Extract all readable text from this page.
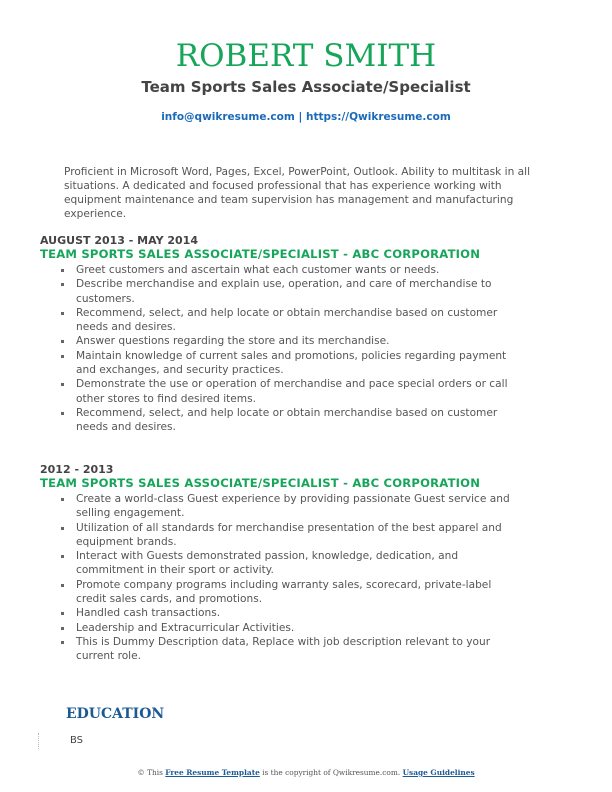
ROBERT SMITH
Team Sports Sales Associate/Specialist
info@qwikresume.com | https://Qwikresume.com
Proficient in Microsoft Word, Pages, Excel, PowerPoint, Outlook. Ability to multitask in all situations. A dedicated and focused professional that has experience working with equipment maintenance and team supervision has management and manufacturing experience.
AUGUST 2013 - MAY 2014
TEAM SPORTS SALES ASSOCIATE/SPECIALIST - ABC CORPORATION
Greet customers and ascertain what each customer wants or needs.
Describe merchandise and explain use, operation, and care of merchandise to customers.
Recommend, select, and help locate or obtain merchandise based on customer needs and desires.
Answer questions regarding the store and its merchandise.
Maintain knowledge of current sales and promotions, policies regarding payment and exchanges, and security practices.
Demonstrate the use or operation of merchandise and pace special orders or call other stores to find desired items.
Recommend, select, and help locate or obtain merchandise based on customer needs and desires.
2012 - 2013
TEAM SPORTS SALES ASSOCIATE/SPECIALIST - ABC CORPORATION
Create a world-class Guest experience by providing passionate Guest service and selling engagement.
Utilization of all standards for merchandise presentation of the best apparel and equipment brands.
Interact with Guests demonstrated passion, knowledge, dedication, and commitment in their sport or activity.
Promote company programs including warranty sales, scorecard, private-label credit sales cards, and promotions.
Handled cash transactions.
Leadership and Extracurricular Activities.
This is Dummy Description data, Replace with job description relevant to your current role.
EDUCATION
BS
© This Free Resume Template is the copyright of Qwikresume.com. Usage Guidelines
